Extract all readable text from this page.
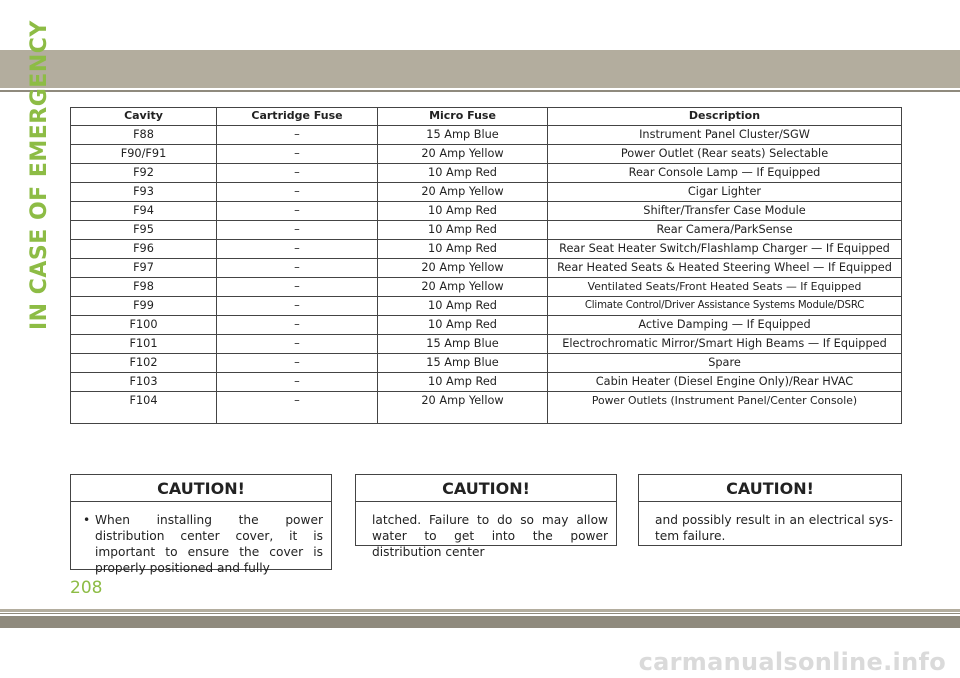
IN CASE OF EMERGENCY	Cavity	Cartridge Fuse	Micro Fuse	Description
F88	–	15 Amp Blue	Instrument Panel Cluster/SGW
F90/F91	–	20 Amp Yellow	Power Outlet (Rear seats) Selectable
F92	–	10 Amp Red	Rear Console Lamp — If Equipped
F93	–	20 Amp Yellow	Cigar Lighter
F94	–	10 Amp Red	Shifter/Transfer Case Module
F95	–	10 Amp Red	Rear Camera/ParkSense
F96	–	10 Amp Red	Rear Seat Heater Switch/Flashlamp Charger — If Equipped
F97	–	20 Amp Yellow	Rear Heated Seats & Heated Steering Wheel — If Equipped
F98	–	20 Amp Yellow	Ventilated Seats/Front Heated Seats — If Equipped
F99	–	10 Amp Red	Climate Control/Driver Assistance Systems Module/DSRC
F100	–	10 Amp Red	Active Damping — If Equipped
F101	–	15 Amp Blue	Electrochromatic Mirror/Smart High Beams — If Equipped
F102	–	15 Amp Blue	Spare
F103	–	10 Amp Red	Cabin Heater (Diesel Engine Only)/Rear HVAC
F104	–	20 Amp Yellow	Power Outlets (Instrument Panel/Center Console)
CAUTION!
• When installing the power distribution center cover, it is important to ensure the cover is properly positioned and fully
CAUTION!
latched. Failure to do so may allow water to get into the power distribution center
CAUTION!
and possibly result in an electrical sys-tem failure.
208
carmanualsonline.info
